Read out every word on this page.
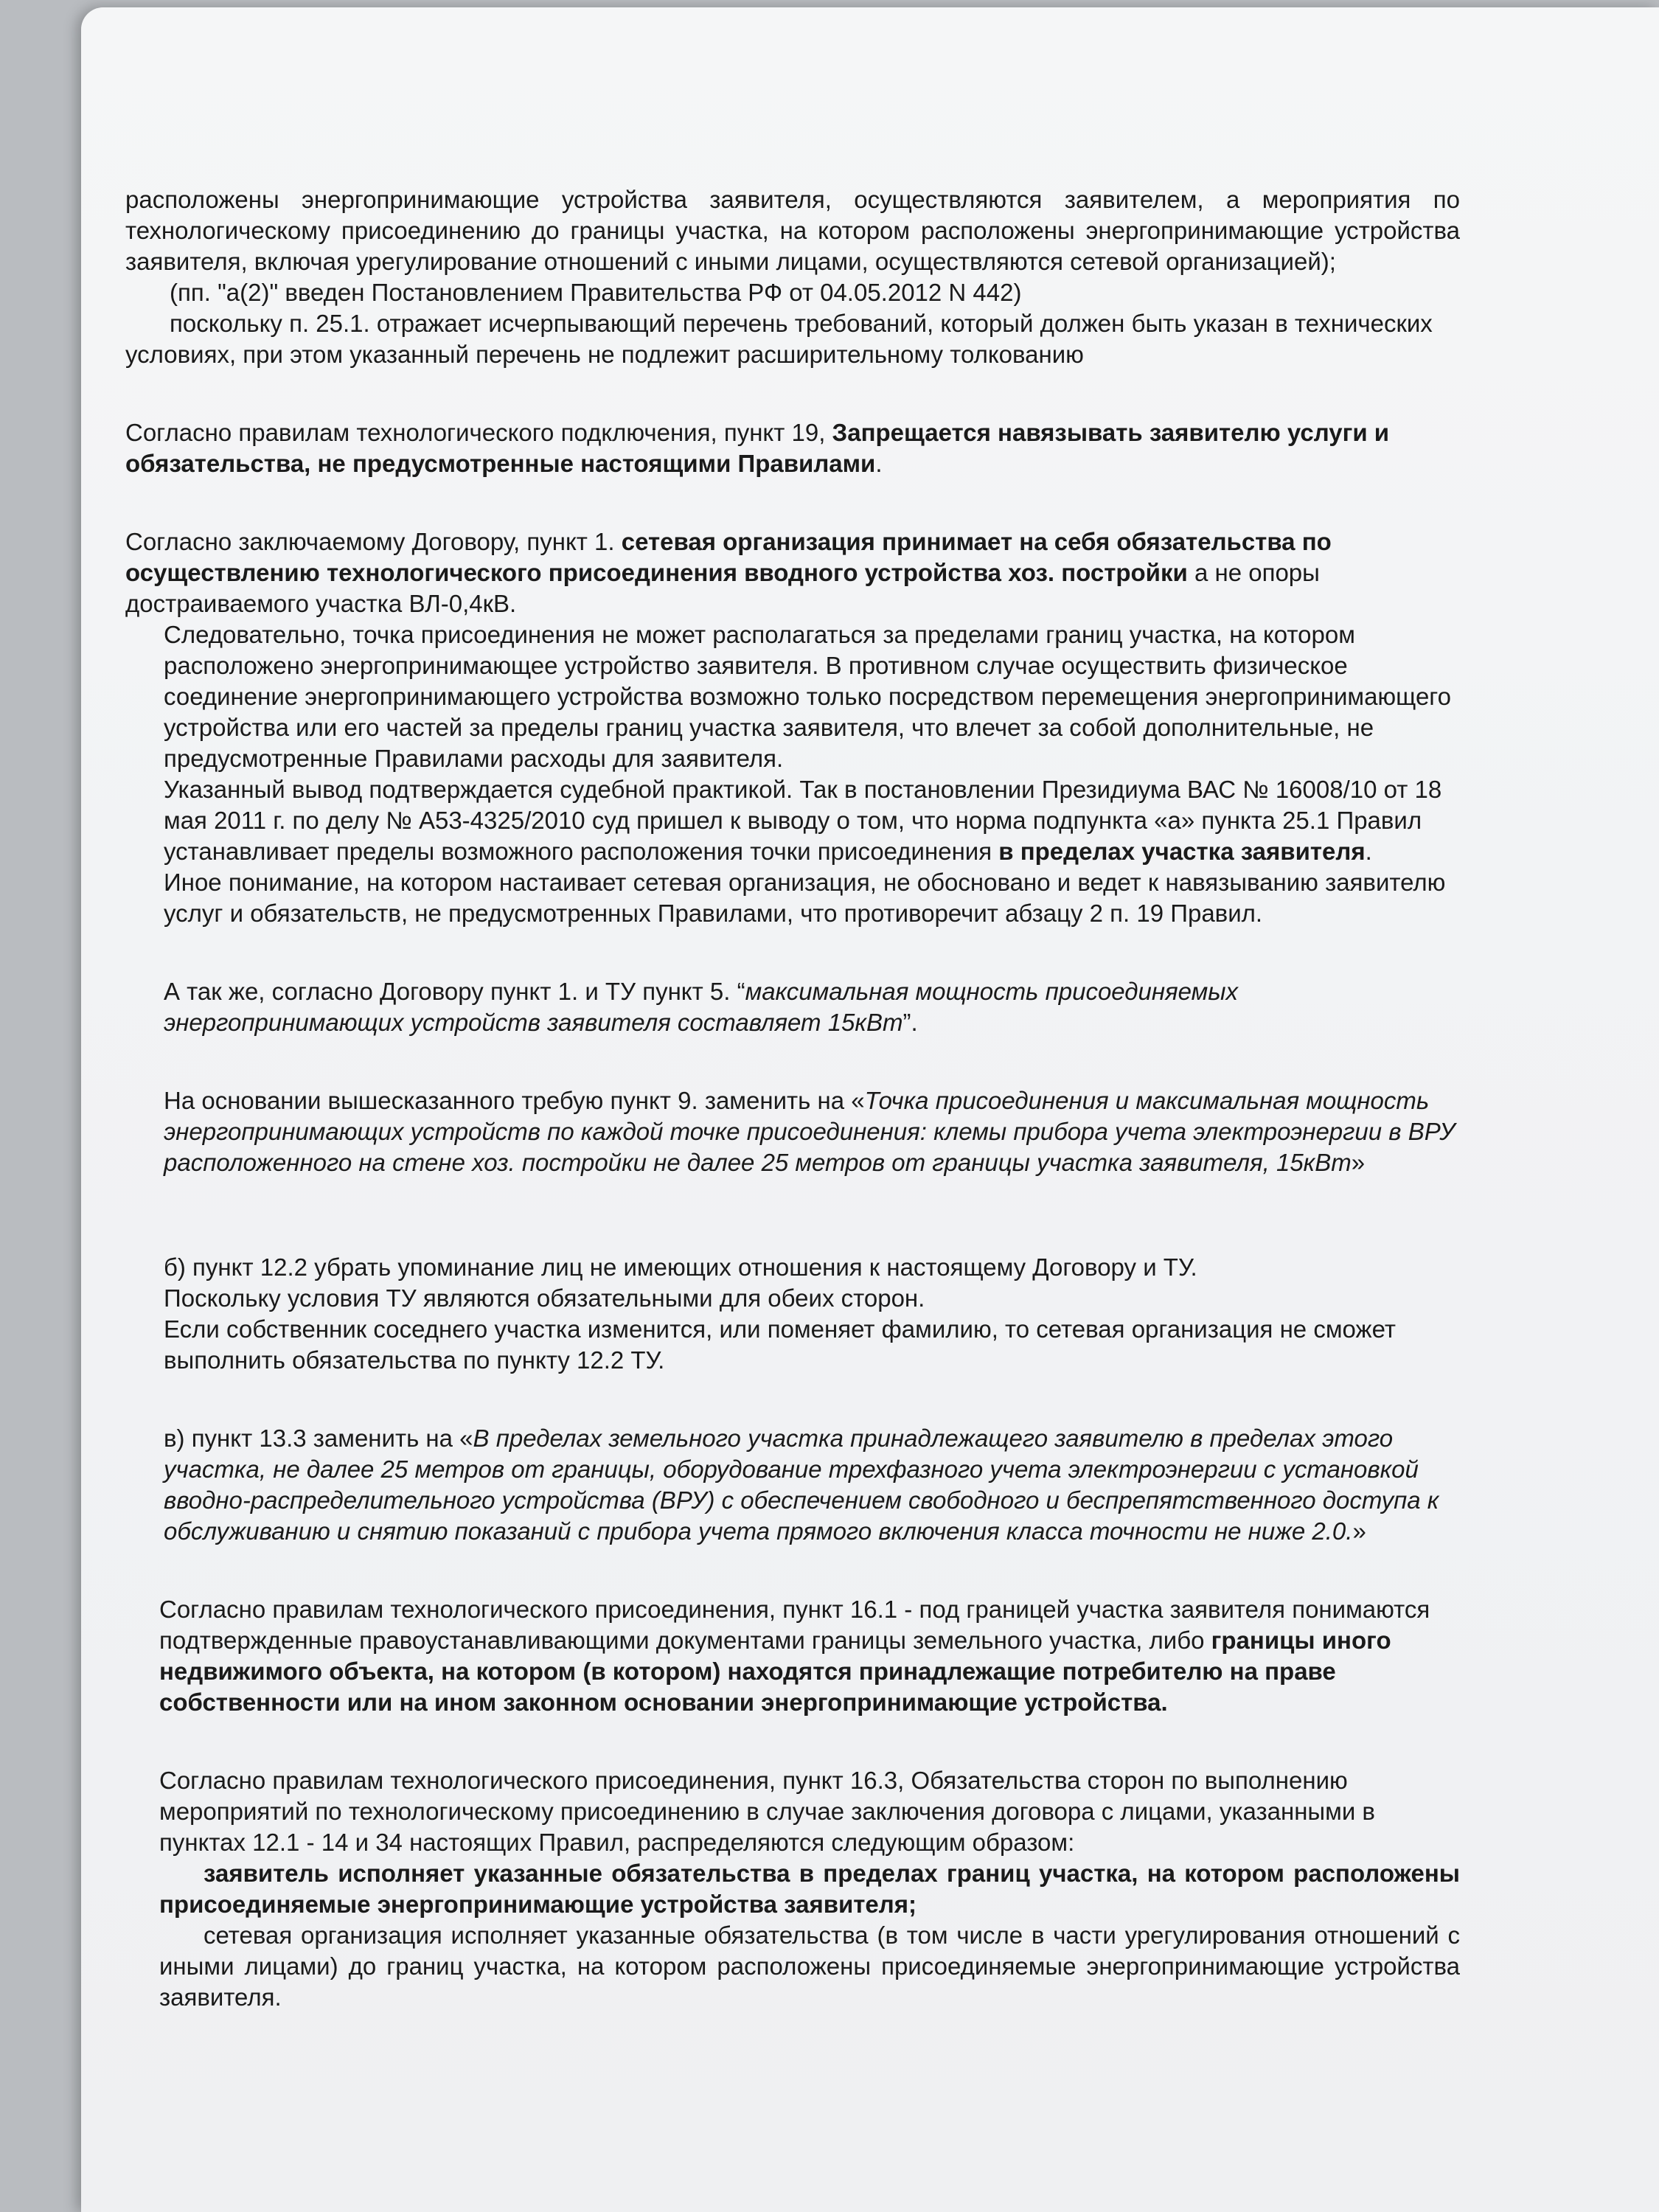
расположены энергопринимающие устройства заявителя, осуществляются заявителем, а мероприятия по технологическому присоединению до границы участка, на котором расположены энергопринимающие устройства заявителя, включая урегулирование отношений с иными лицами, осуществляются сетевой организацией);

(пп. "а(2)" введен Постановлением Правительства РФ от 04.05.2012 N 442)

поскольку п. 25.1. отражает исчерпывающий перечень требований, который должен быть указан в технических условиях, при этом указанный перечень не подлежит расширительному толкованию

Согласно правилам технологического подключения, пункт 19, Запрещается навязывать заявителю услуги и обязательства, не предусмотренные настоящими Правилами.

Согласно заключаемому Договору, пункт 1. сетевая организация принимает на себя обязательства по осуществлению технологического присоединения вводного устройства хоз. постройки а не опоры достраиваемого участка ВЛ-0,4кВ.

Следовательно, точка присоединения не может располагаться за пределами границ участка, на котором расположено энергопринимающее устройство заявителя. В противном случае осуществить физическое соединение энергопринимающего устройства возможно только посредством перемещения энергопринимающего устройства или его частей за пределы границ участка заявителя, что влечет за собой дополнительные, не предусмотренные Правилами расходы для заявителя.

Указанный вывод подтверждается судебной практикой. Так в постановлении Президиума ВАС № 16008/10 от 18 мая 2011 г. по делу № А53-4325/2010 суд пришел к выводу о том, что норма подпункта «а» пункта 25.1 Правил устанавливает пределы возможного расположения точки присоединения в пределах участка заявителя.

Иное понимание, на котором настаивает сетевая организация, не обосновано и ведет к навязыванию заявителю услуг и обязательств, не предусмотренных Правилами, что противоречит абзацу 2 п. 19 Правил.

А так же, согласно Договору пункт 1. и ТУ пункт 5. “максимальная мощность присоединяемых энергопринимающих устройств заявителя составляет 15кВт”.

На основании вышесказанного требую пункт 9. заменить на «Точка присоединения и максимальная мощность энергопринимающих устройств по каждой точке присоединения: клемы прибора учета электроэнергии в ВРУ расположенного на стене хоз. постройки не далее 25 метров от границы участка заявителя, 15кВт»

б) пункт 12.2 убрать упоминание лиц не имеющих отношения к настоящему Договору и ТУ.

Поскольку условия ТУ являются обязательными для обеих сторон.

Если собственник соседнего участка изменится, или поменяет фамилию, то сетевая организация не сможет выполнить обязательства по пункту 12.2 ТУ.

в) пункт 13.3 заменить на «В пределах земельного участка принадлежащего заявителю в пределах этого участка, не далее 25 метров от границы, оборудование трехфазного учета электроэнергии с установкой вводно-распределительного устройства (ВРУ) с обеспечением свободного и беспрепятственного доступа к обслуживанию и снятию показаний с прибора учета прямого включения класса точности не ниже 2.0.»

Согласно правилам технологического присоединения, пункт 16.1 - под границей участка заявителя понимаются подтвержденные правоустанавливающими документами границы земельного участка, либо границы иного недвижимого объекта, на котором (в котором) находятся принадлежащие потребителю на праве собственности или на ином законном основании энергопринимающие устройства.

Согласно правилам технологического присоединения, пункт 16.3, Обязательства сторон по выполнению мероприятий по технологическому присоединению в случае заключения договора с лицами, указанными в пунктах 12.1 - 14 и 34 настоящих Правил, распределяются следующим образом:

заявитель исполняет указанные обязательства в пределах границ участка, на котором расположены присоединяемые энергопринимающие устройства заявителя;

сетевая организация исполняет указанные обязательства (в том числе в части урегулирования отношений с иными лицами) до границ участка, на котором расположены присоединяемые энергопринимающие устройства заявителя.
